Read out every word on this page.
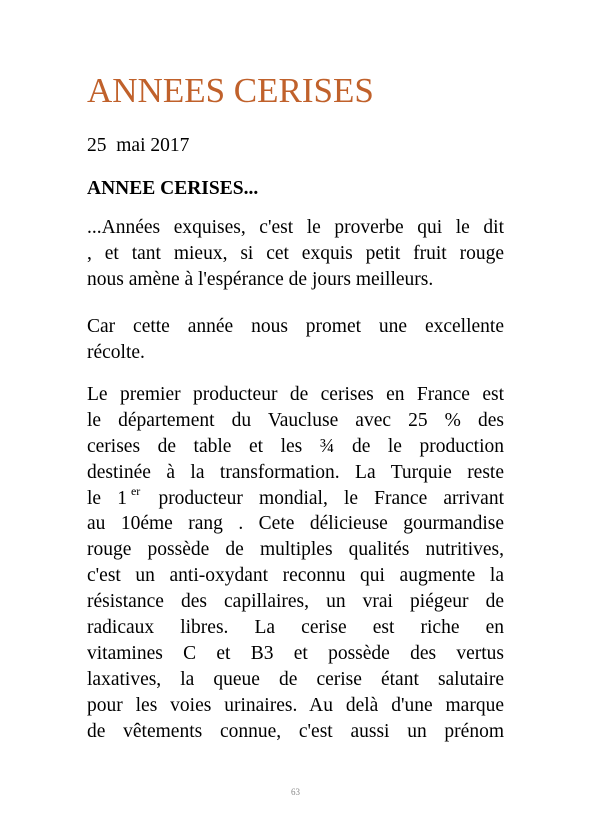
ANNEES CERISES
25  mai 2017
ANNEE CERISES...
...Années exquises, c'est le proverbe qui le dit
, et tant mieux, si cet exquis petit fruit rouge
nous amène à l'espérance de jours meilleurs.
Car cette année nous promet une excellente
récolte.
Le premier producteur de cerises en France est
le département du Vaucluse avec 25 % des
cerises de table et les ¾ de le production
destinée à la transformation. La Turquie reste
le 1 $^{er}$ producteur mondial, le France arrivant
au 10éme rang . Cete délicieuse gourmandise
rouge possède de multiples qualités nutritives,
c'est un anti-oxydant reconnu qui augmente la
résistance des capillaires, un vrai piégeur de
radicaux libres. La cerise est riche en
vitamines C et B3 et possède des vertus
laxatives, la queue de cerise étant salutaire
pour les voies urinaires. Au delà d'une marque
de vêtements connue, c'est aussi un prénom
63
